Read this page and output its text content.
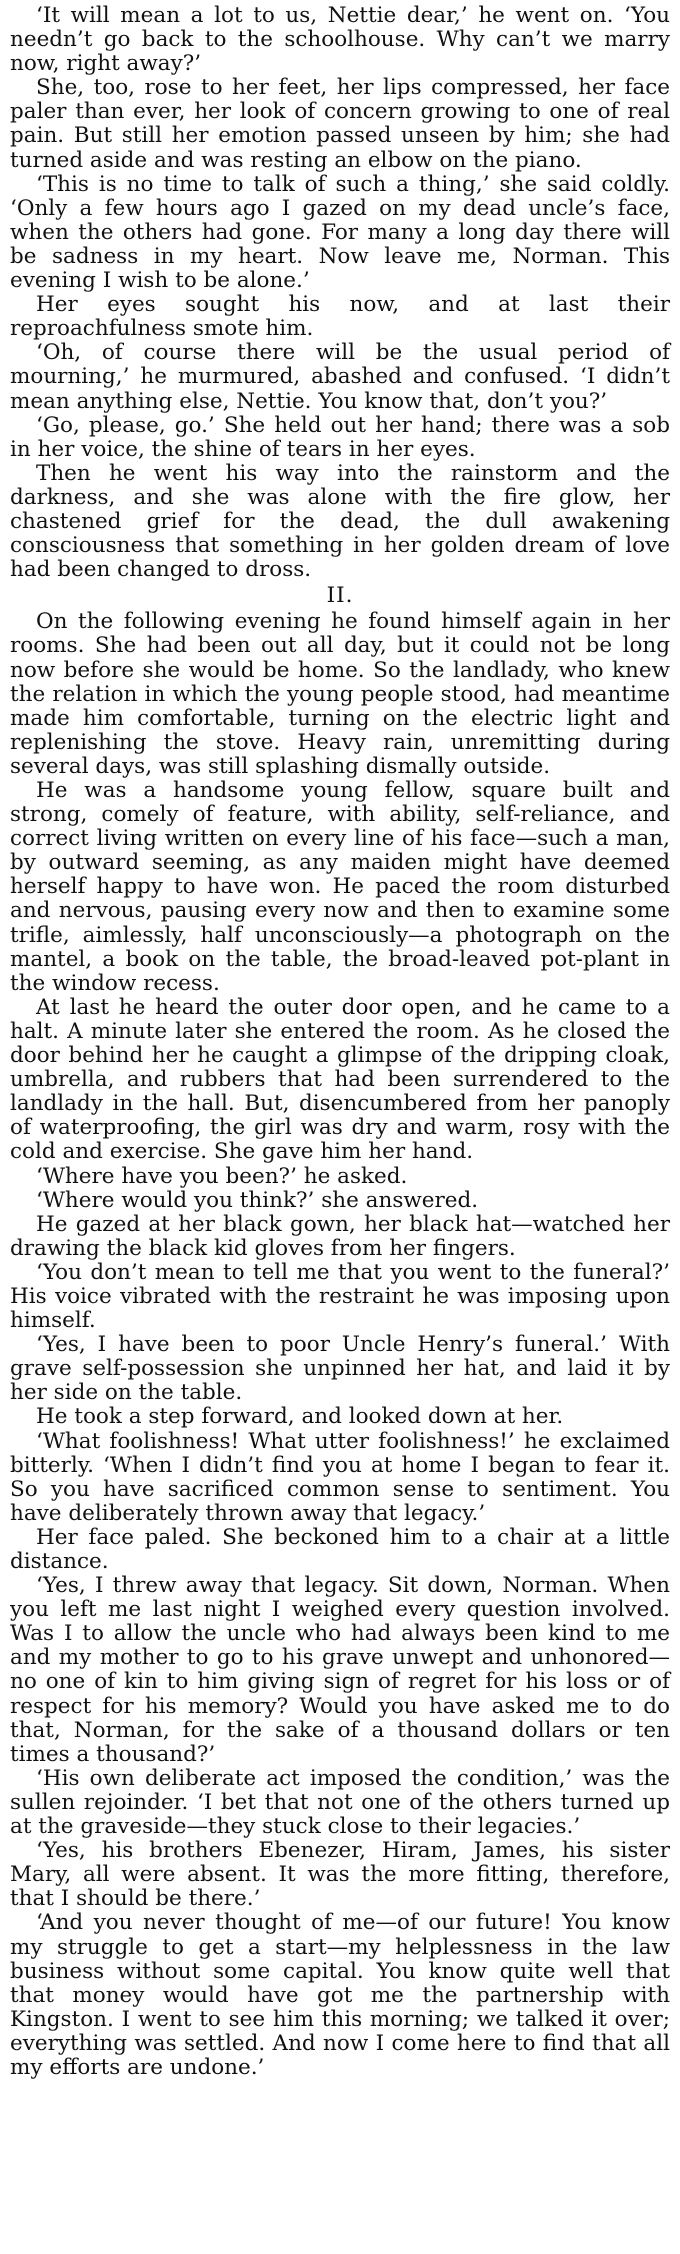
‘It will mean a lot to us, Nettie dear,’ he went on. ‘You needn’t go back to the schoolhouse. Why can’t we marry now, right away?’

She, too, rose to her feet, her lips compressed, her face paler than ever, her look of concern growing to one of real pain. But still her emotion passed unseen by him; she had turned aside and was resting an elbow on the piano.

‘This is no time to talk of such a thing,’ she said coldly. ‘Only a few hours ago I gazed on my dead uncle’s face, when the others had gone. For many a long day there will be sadness in my heart. Now leave me, Norman. This evening I wish to be alone.’

Her eyes sought his now, and at last their reproachfulness smote him.

‘Oh, of course there will be the usual period of mourning,’ he murmured, abashed and confused. ‘I didn’t mean anything else, Nettie. You know that, don’t you?’

‘Go, please, go.’ She held out her hand; there was a sob in her voice, the shine of tears in her eyes.

Then he went his way into the rainstorm and the darkness, and she was alone with the fire glow, her chastened grief for the dead, the dull awakening consciousness that something in her golden dream of love had been changed to dross.

II.

On the following evening he found himself again in her rooms. She had been out all day, but it could not be long now before she would be home. So the landlady, who knew the relation in which the young people stood, had meantime made him comfortable, turning on the electric light and replenishing the stove. Heavy rain, unremitting during several days, was still splashing dismally outside.

He was a handsome young fellow, square built and strong, comely of feature, with ability, self-reliance, and correct living written on every line of his face—such a man, by outward seeming, as any maiden might have deemed herself happy to have won. He paced the room disturbed and nervous, pausing every now and then to examine some trifle, aimlessly, half unconsciously—a photograph on the mantel, a book on the table, the broad-leaved pot-plant in the window recess.

At last he heard the outer door open, and he came to a halt. A minute later she entered the room. As he closed the door behind her he caught a glimpse of the dripping cloak, umbrella, and rubbers that had been surrendered to the landlady in the hall. But, disencumbered from her panoply of waterproofing, the girl was dry and warm, rosy with the cold and exercise. She gave him her hand.

‘Where have you been?’ he asked.

‘Where would you think?’ she answered.

He gazed at her black gown, her black hat—watched her drawing the black kid gloves from her fingers.

‘You don’t mean to tell me that you went to the funeral?’ His voice vibrated with the restraint he was imposing upon himself.

‘Yes, I have been to poor Uncle Henry’s funeral.’ With grave self-possession she unpinned her hat, and laid it by her side on the table.

He took a step forward, and looked down at her.

‘What foolishness! What utter foolishness!’ he exclaimed bitterly. ‘When I didn’t find you at home I began to fear it. So you have sacrificed common sense to sentiment. You have deliberately thrown away that legacy.’

Her face paled. She beckoned him to a chair at a little distance.

‘Yes, I threw away that legacy. Sit down, Norman. When you left me last night I weighed every question involved. Was I to allow the uncle who had always been kind to me and my mother to go to his grave unwept and unhonored—no one of kin to him giving sign of regret for his loss or of respect for his memory? Would you have asked me to do that, Norman, for the sake of a thousand dollars or ten times a thousand?’

‘His own deliberate act imposed the condition,’ was the sullen rejoinder. ‘I bet that not one of the others turned up at the graveside—they stuck close to their legacies.’

‘Yes, his brothers Ebenezer, Hiram, James, his sister Mary, all were absent. It was the more fitting, therefore, that I should be there.’

‘And you never thought of me—of our future! You know my struggle to get a start—my helplessness in the law business without some capital. You know quite well that that money would have got me the partnership with Kingston. I went to see him this morning; we talked it over; everything was settled. And now I come here to find that all my efforts are undone.’
